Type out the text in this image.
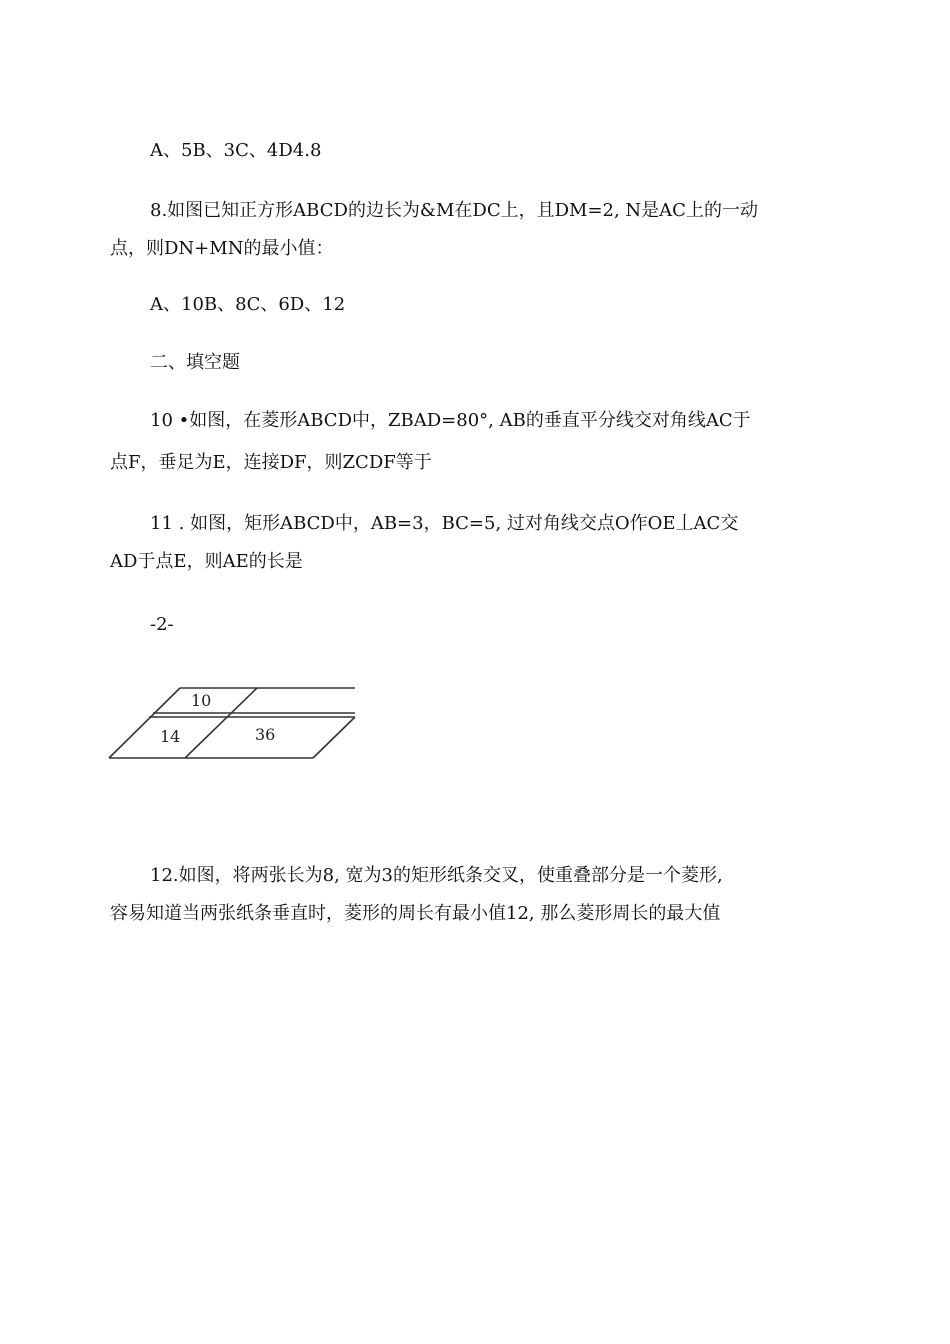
A、5B、3C、4D4.8
8.如图已知正方形ABCD的边长为&M在DC上，且DM=2, N是AC上的一动
点，则DN+MN的最小值：
A、10B、8C、6D、12
二、填空题
10 •如图，在菱形ABCD中，ZBAD=80°, AB的垂直平分线交对角线AC于
点F，垂足为E，连接DF，则ZCDF等于
11 . 如图，矩形ABCD中，AB=3，BC=5, 过对角线交点O作OE丄AC交
AD于点E，则AE的长是
-2-
10
14	36
12.如图，将两张长为8, 宽为3的矩形纸条交叉，使重叠部分是一个菱形,
容易知道当两张纸条垂直时，菱形的周长有最小值12, 那么菱形周长的最大值
